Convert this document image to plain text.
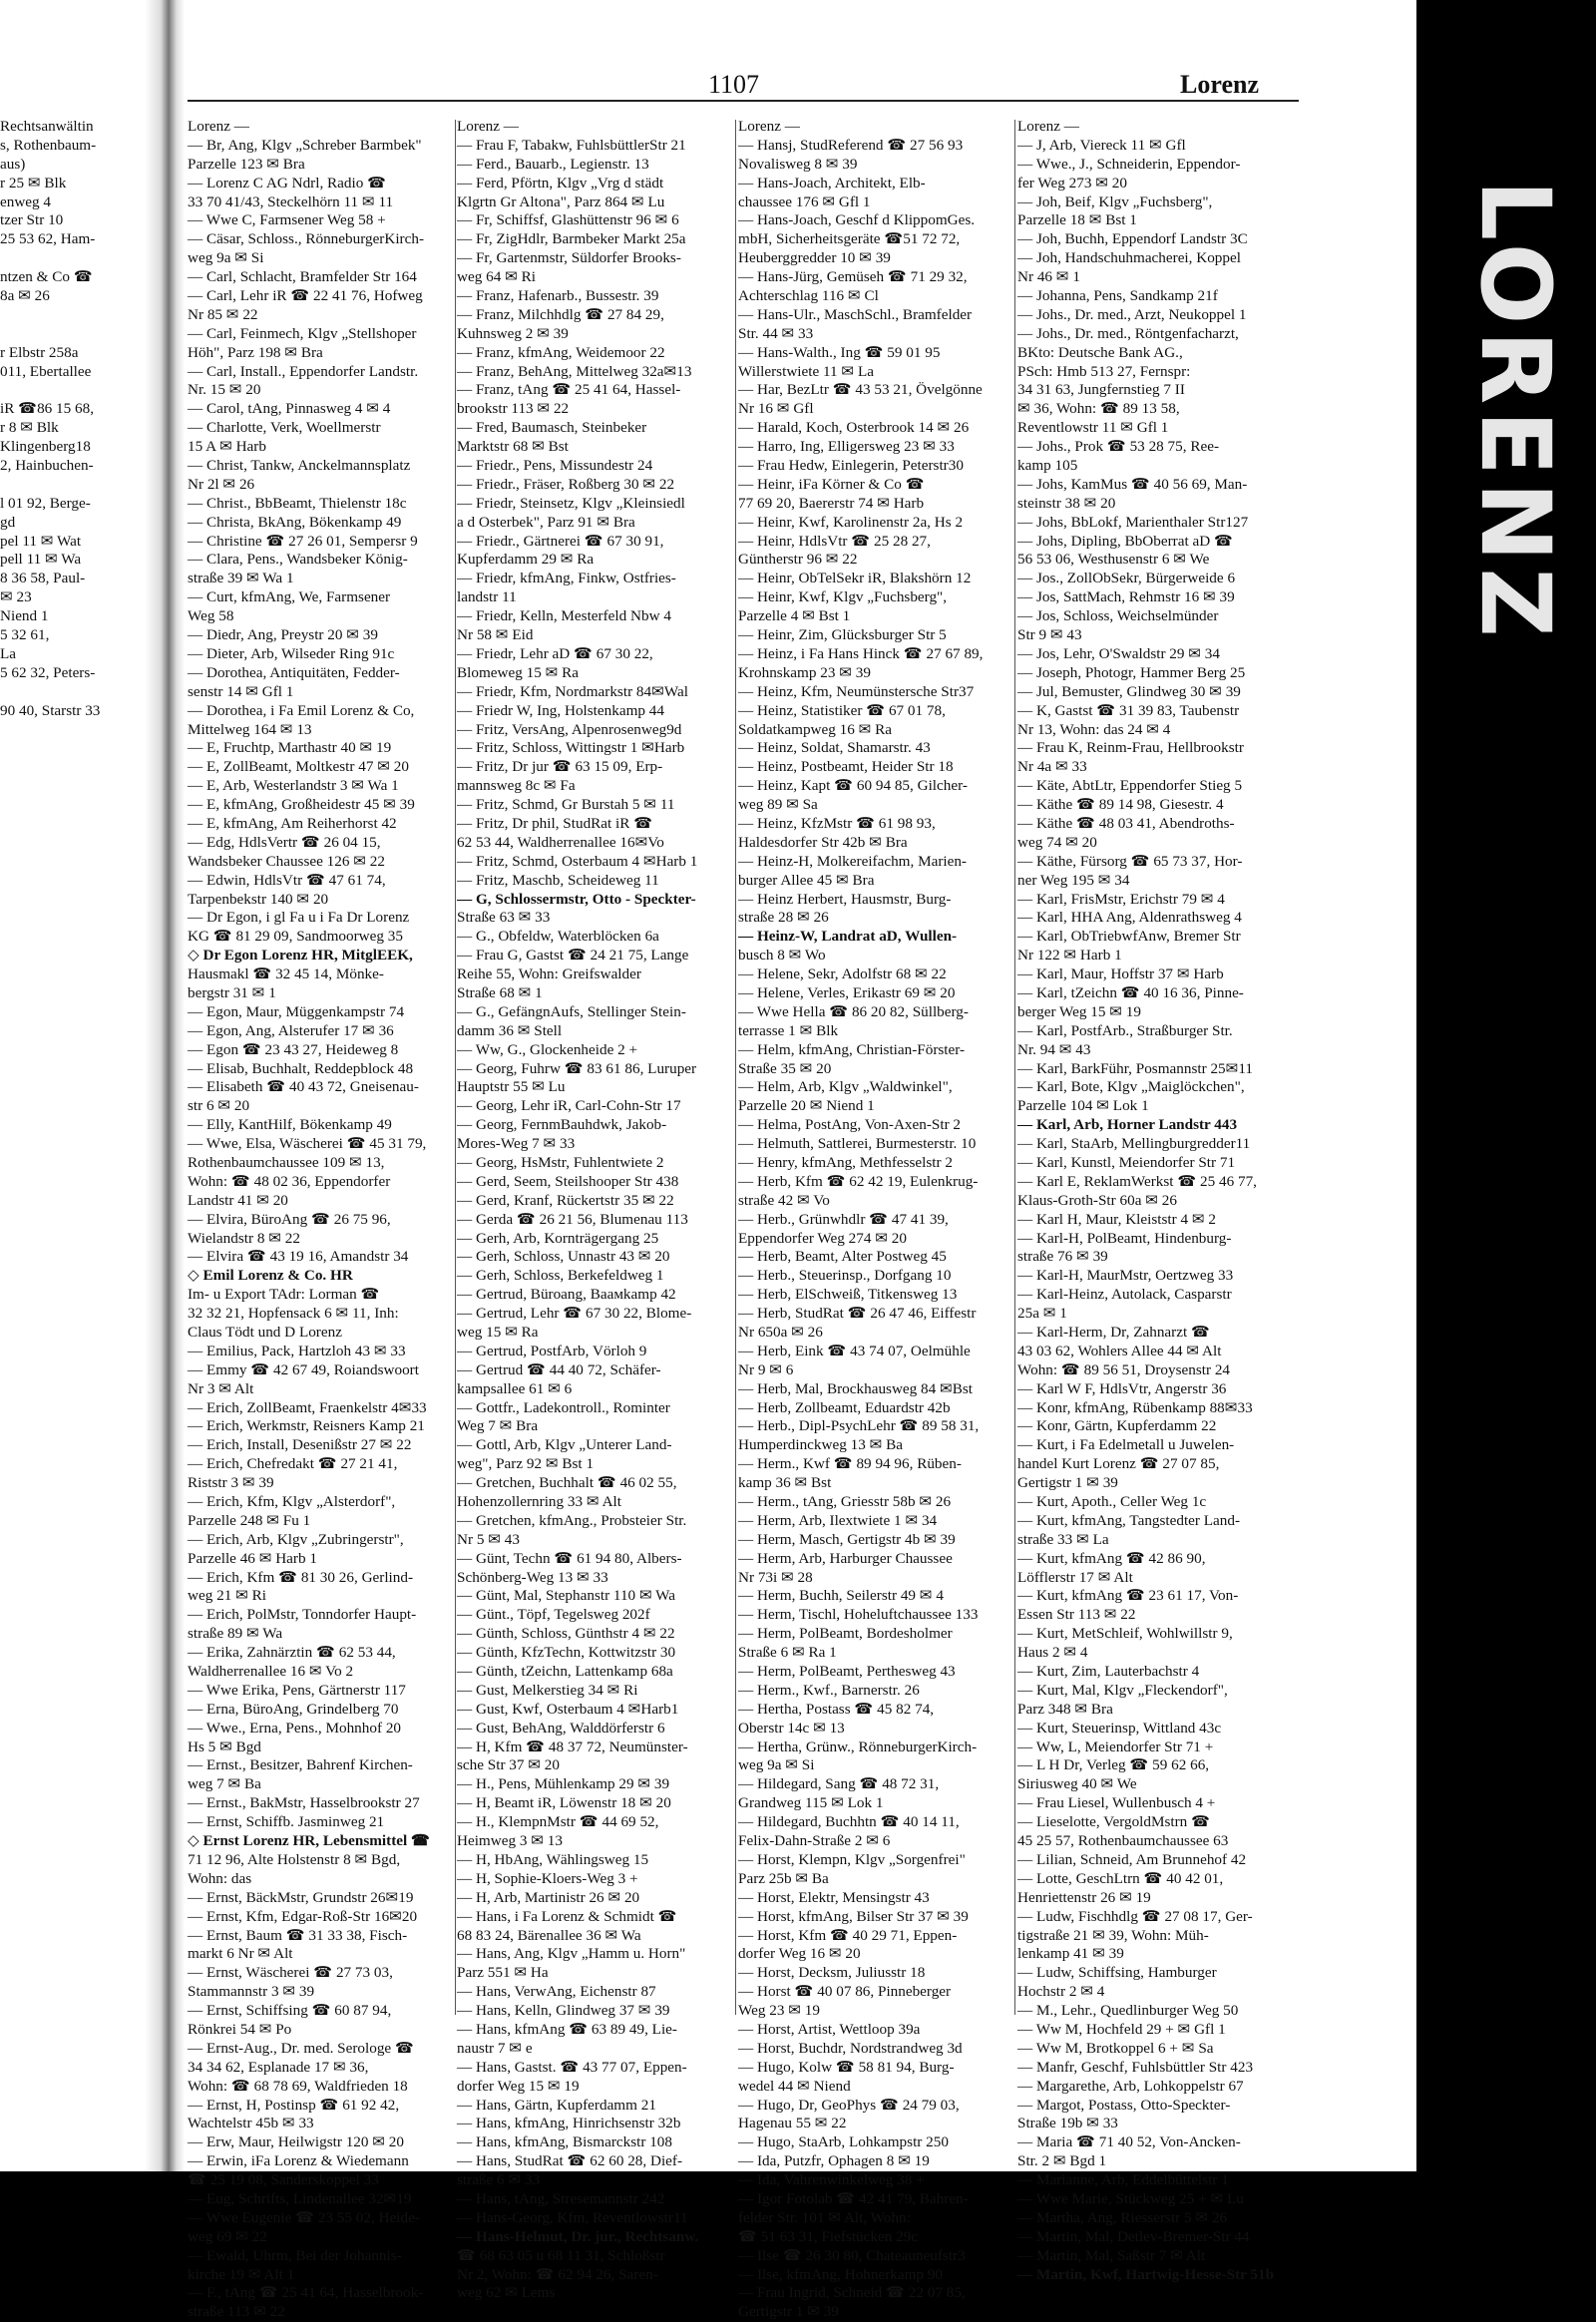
1107	Lorenz
Rechtsanwältin
s, Rothenbaum-
aus)
r 25 ✉ Blk
enweg 4
tzer Str 10
25 53 62, Ham-
ntzen & Co ☎
8a ✉ 26
r Elbstr 258a
011, Ebertallee
iR ☎86 15 68,
r 8 ✉ Blk
Klingenberg18
2, Hainbuchen-
l 01 92, Berge-
gd
pel 11 ✉ Wat
pell 11 ✉ Wa
8 36 58, Paul-
✉ 23
Niend 1
5 32 61,
La
5 62 32, Peters-
90 40, Starstr 33
Lorenz —
— Br, Ang, Klgv „Schreber Barmbek"
Parzelle 123 ✉ Bra
— Lorenz C AG Ndrl, Radio ☎
33 70 41/43, Steckelhörn 11 ✉ 11
— Wwe C, Farmsener Weg 58 +
— Cäsar, Schloss., RönneburgerKirch-
weg 9a ✉ Si
— Carl, Schlacht, Bramfelder Str 164
— Carl, Lehr iR ☎ 22 41 76, Hofweg
Nr 85 ✉ 22
— Carl, Feinmech, Klgv „Stellshoper
Höh", Parz 198 ✉ Bra
— Carl, Install., Eppendorfer Landstr.
Nr. 15 ✉ 20
— Carol, tAng, Pinnasweg 4 ✉ 4
— Charlotte, Verk, Woellmerstr
15 A ✉ Harb
— Christ, Tankw, Anckelmannsplatz
Nr 2l ✉ 26
— Christ., BbBeamt, Thielenstr 18c
— Christa, BkAng, Bökenkamp 49
— Christine ☎ 27 26 01, Sempersr 9
— Clara, Pens., Wandsbeker König-
straße 39 ✉ Wa 1
— Curt, kfmAng, We, Farmsener
Weg 58
— Diedr, Ang, Preystr 20 ✉ 39
— Dieter, Arb, Wilseder Ring 91c
— Dorothea, Antiquitäten, Fedder-
senstr 14 ✉ Gfl 1
— Dorothea, i Fa Emil Lorenz & Co,
Mittelweg 164 ✉ 13
— E, Fruchtp, Marthastr 40 ✉ 19
— E, ZollBeamt, Moltkestr 47 ✉ 20
— E, Arb, Westerlandstr 3 ✉ Wa 1
— E, kfmAng, Großheidestr 45 ✉ 39
— E, kfmAng, Am Reiherhorst 42
— Edg, HdlsVertr ☎ 26 04 15,
Wandsbeker Chaussee 126 ✉ 22
— Edwin, HdlsVtr ☎ 47 61 74,
Tarpenbekstr 140 ✉ 20
— Dr Egon, i gl Fa u i Fa Dr Lorenz
KG ☎ 81 29 09, Sandmoorweg 35
◇ Dr Egon Lorenz HR, MitglEEK,
Hausmakl ☎ 32 45 14, Mönke-
bergstr 31 ✉ 1
— Egon, Maur, Müggenkampstr 74
— Egon, Ang, Alsterufer 17 ✉ 36
— Egon ☎ 23 43 27, Heideweg 8
— Elisab, Buchhalt, Reddерblock 48
— Elisabeth ☎ 40 43 72, Gneisenau-
str 6 ✉ 20
— Elly, KantHilf, Bökenkamp 49
— Wwe, Elsa, Wäscherei ☎ 45 31 79,
Rothenbaumchaussee 109 ✉ 13,
Wohn: ☎ 48 02 36, Eppendorfer
Landstr 41 ✉ 20
— Elvira, BüroAng ☎ 26 75 96,
Wielandstr 8 ✉ 22
— Elvira ☎ 43 19 16, Amandstr 34
◇ Emil Lorenz & Co. HR
Im- u Export TAdr: Lorman ☎
32 32 21, Hopfensack 6 ✉ 11, Inh:
Claus Tödt und D Lorenz
— Emilius, Pack, Hartzloh 43 ✉ 33
— Emmy ☎ 42 67 49, Roiandswoort
Nr 3 ✉ Alt
— Erich, ZollBeamt, Fraenkelstr 4✉33
— Erich, Werkmstr, Reisners Kamp 21
— Erich, Install, Desenißstr 27 ✉ 22
— Erich, Chefredakt ☎ 27 21 41,
Riststr 3 ✉ 39
— Erich, Kfm, Klgv „Alsterdorf",
Parzelle 248 ✉ Fu 1
— Erich, Arb, Klgv „Zubringerstr",
Parzelle 46 ✉ Harb 1
— Erich, Kfm ☎ 81 30 26, Gerlind-
weg 21 ✉ Ri
— Erich, PolMstr, Tonndorfer Haupt-
straße 89 ✉ Wa
— Erika, Zahnärztin ☎ 62 53 44,
Waldherrenallee 16 ✉ Vo 2
— Wwe Erika, Pens, Gärtnerstr 117
— Erna, BüroAng, Grindelberg 70
— Wwe., Erna, Pens., Mohnhof 20
Hs 5 ✉ Bgd
— Ernst., Besitzer, Bahrenf Kirchen-
weg 7 ✉ Ba
— Ernst., BakMstr, Hasselbrookstr 27
— Ernst, Schiffb. Jasminweg 21
◇ Ernst Lorenz HR, Lebensmittel ☎
71 12 96, Alte Holstenstr 8 ✉ Bgd,
Wohn: das
— Ernst, BäckMstr, Grundstr 26✉19
— Ernst, Kfm, Edgar-Roß-Str 16✉20
— Ernst, Baum ☎ 31 33 38, Fisch-
markt 6 Nr ✉ Alt
— Ernst, Wäscherei ☎ 27 73 03,
Stammannstr 3 ✉ 39
— Ernst, Schiffsing ☎ 60 87 94,
Rönkrei 54 ✉ Po
— Ernst-Aug., Dr. med. Serologe ☎
34 34 62, Esplanade 17 ✉ 36,
Wohn: ☎ 68 78 69, Waldfrieden 18
— Ernst, H, Postinsp ☎ 61 92 42,
Wachtelstr 45b ✉ 33
— Erw, Maur, Heilwigstr 120 ✉ 20
— Erwin, iFa Lorenz & Wiedemann
☎ 25 19 08, Sanderskoppel 33
— Eug, Schrifts, Lindenallee 32✉19
— Wwe Eugenie ☎ 23 55 02, Heide-
weg 69 ✉ 22
— Ewald, Uhrm, Bei der Johannis-
kirche 19 ✉ Alt 1
— F., tAng ☎ 25 41 64, Hasselbrook-
straße 113 ✉ 22
Lorenz —
— Frau F, Tabakw, FuhlsbüttlerStr 21
— Ferd., Bauarb., Legienstr. 13
— Ferd, Pförtn, Klgv „Vrg d städt
Klgrtn Gr Altona", Parz 864 ✉ Lu
— Fr, Schiffsf, Glashüttenstr 96 ✉ 6
— Fr, ZigHdlr, Barmbeker Markt 25a
— Fr, Gartenmstr, Süldorfer Brooks-
weg 64 ✉ Ri
— Franz, Hafenarb., Bussestr. 39
— Franz, Milchhdlg ☎ 27 84 29,
Kuhnsweg 2 ✉ 39
— Franz, kfmAng, Weidemoor 22
— Franz, BehAng, Mittelweg 32a✉13
— Franz, tAng ☎ 25 41 64, Hassel-
brookstr 113 ✉ 22
— Fred, Baumasch, Steinbeker
Marktstr 68 ✉ Bst
— Friedr., Pens, Missundestr 24
— Friedr., Fräser, Roßberg 30 ✉ 22
— Friedr, Steinsetz, Klgv „Kleinsiedl
a d Osterbek", Parz 91 ✉ Bra
— Friedr., Gärtnerei ☎ 67 30 91,
Kupferdamm 29 ✉ Ra
— Friedr, kfmAng, Finkw, Ostfries-
landstr 11
— Friedr, Kelln, Mesterfeld Nbw 4
Nr 58 ✉ Eid
— Friedr, Lehr aD ☎ 67 30 22,
Blomeweg 15 ✉ Ra
— Friedr, Kfm, Nordmarkstr 84✉Wal
— Friedr W, Ing, Holstenkamp 44
— Fritz, VersAng, Alpenrosenweg9d
— Fritz, Schloss, Wittingstr 1 ✉Harb
— Fritz, Dr jur ☎ 63 15 09, Erp-
mannsweg 8c ✉ Fa
— Fritz, Schmd, Gr Burstah 5 ✉ 11
— Fritz, Dr phil, StudRat iR ☎
62 53 44, Waldherrenallee 16✉Vo
— Fritz, Schmd, Osterbaum 4 ✉Harb 1
— Fritz, Maschb, Scheideweg 11
— G, Schlossermstr, Otto - Speckter-
Straße 63 ✉ 33
— G., Obfeldw, Waterblöcken 6a
— Frau G, Gastst ☎ 24 21 75, Lange
Reihe 55, Wohn: Greifswalder
Straße 68 ✉ 1
— G., GefängnAufs, Stellinger Stein-
damm 36 ✉ Stell
— Ww, G., Glockenheide 2 +
— Georg, Fuhrw ☎ 83 61 86, Luruper
Hauptstr 55 ✉ Lu
— Georg, Lehr iR, Carl-Cohn-Str 17
— Georg, FernmBauhdwk, Jakob-
Mores-Weg 7 ✉ 33
— Georg, HsMstr, Fuhlentwiete 2
— Gerd, Seem, Steilshooper Str 438
— Gerd, Kranf, Rückertstr 35 ✉ 22
— Gerda ☎ 26 21 56, Blumenau 113
— Gerh, Arb, Kornträgergang 25
— Gerh, Schloss, Unnastr 43 ✉ 20
— Gerh, Schloss, Berkefeldweg 1
— Gertrud, Büroang, Baaмkamp 42
— Gertrud, Lehr ☎ 67 30 22, Blome-
weg 15 ✉ Ra
— Gertrud, PostfArb, Vörloh 9
— Gertrud ☎ 44 40 72, Schäfer-
kampsallee 61 ✉ 6
— Gottfr., Ladekontroll., Rominter
Weg 7 ✉ Bra
— Gottl, Arb, Klgv „Unterer Land-
weg", Parz 92 ✉ Bst 1
— Gretchen, Buchhalt ☎ 46 02 55,
Hohenzollernring 33 ✉ Alt
— Gretchen, kfmAng., Probsteier Str.
Nr 5 ✉ 43
— Günt, Techn ☎ 61 94 80, Albers-
Schönberg-Weg 13 ✉ 33
— Günt, Mal, Stephanstr 110 ✉ Wa
— Günt., Töpf, Tegelsweg 202f
— Günth, Schloss, Günthstr 4 ✉ 22
— Günth, KfzTechn, Kottwitzstr 30
— Günth, tZeichn, Lattenkamp 68a
— Gust, Melkerstieg 34 ✉ Ri
— Gust, Kwf, Osterbaum 4 ✉Harb1
— Gust, BehAng, Walddörferstr 6
— H, Kfm ☎ 48 37 72, Neumünster-
sche Str 37 ✉ 20
— H., Pens, Mühlenkamp 29 ✉ 39
— H, Beamt iR, Löwenstr 18 ✉ 20
— H., KlempnMstr ☎ 44 69 52,
Heimweg 3 ✉ 13
— H, HbAng, Wählingsweg 15
— H, Sophie-Kloers-Weg 3 +
— H, Arb, Martinistr 26 ✉ 20
— Hans, i Fa Lorenz & Schmidt ☎
68 83 24, Bärenallee 36 ✉ Wa
— Hans, Ang, Klgv „Hamm u. Horn"
Parz 551 ✉ Ha
— Hans, VerwAng, Eichenstr 87
— Hans, Kelln, Glindweg 37 ✉ 39
— Hans, kfmAng ☎ 63 89 49, Lie-
naustr 7 ✉ e
— Hans, Gastst. ☎ 43 77 07, Eppen-
dorfer Weg 15 ✉ 19
— Hans, Gärtn, Kupferdamm 21
— Hans, kfmAng, Hinrichsenstr 32b
— Hans, kfmAng, Bismarckstr 108
— Hans, StudRat ☎ 62 60 28, Dief-
straße 6 ✉ 33
— Hans, tAng, Stresemannstr 242
— Hans-Georg, Kfm, Reventlowstr11
— Hans-Helmut, Dr. jur., Rechtsanw.
☎ 68 63 05 u 68 11 31, Schloßstr
Nr 2, Wohn: ☎ 62 94 26, Saren-
weg 62 ✉ Lems
Lorenz —
— Hansj, StudReferend ☎ 27 56 93
Novalisweg 8 ✉ 39
— Hans-Joach, Architekt, Elb-
chaussee 176 ✉ Gfl 1
— Hans-Joach, Geschf d KlippomGes.
mbH, Sicherheitsgeräte ☎51 72 72,
Heuberggredder 10 ✉ 39
— Hans-Jürg, Gemüseh ☎ 71 29 32,
Achterschlag 116 ✉ Cl
— Hans-Ulr., MaschSchl., Bramfelder
Str. 44 ✉ 33
— Hans-Walth., Ing ☎ 59 01 95
Willerstwiete 11 ✉ La
— Har, BezLtr ☎ 43 53 21, Övelgönne
Nr 16 ✉ Gfl
— Harald, Koch, Osterbrook 14 ✉ 26
— Harro, Ing, Elligersweg 23 ✉ 33
— Frau Hedw, Einlegerin, Peterstr30
— Heinr, iFa Körner & Co ☎
77 69 20, Baererstr 74 ✉ Harb
— Heinr, Kwf, Karolinenstr 2a, Hs 2
— Heinr, HdlsVtr ☎ 25 28 27,
Güntherstr 96 ✉ 22
— Heinr, ObTelSekr iR, Blakshörn 12
— Heinr, Kwf, Klgv „Fuchsberg",
Parzelle 4 ✉ Bst 1
— Heinr, Zim, Glücksburger Str 5
— Heinz, i Fa Hans Hinck ☎ 27 67 89,
Krohnskamp 23 ✉ 39
— Heinz, Kfm, Neumünstersche Str37
— Heinz, Statistiker ☎ 67 01 78,
Soldatkampweg 16 ✉ Ra
— Heinz, Soldat, Shamarstr. 43
— Heinz, Postbeamt, Heider Str 18
— Heinz, Kapt ☎ 60 94 85, Gilcher-
weg 89 ✉ Sa
— Heinz, KfzMstr ☎ 61 98 93,
Haldesdorfer Str 42b ✉ Bra
— Heinz-H, Molkereifachm, Marien-
burger Allee 45 ✉ Bra
— Heinz Herbert, Hausmstr, Burg-
straße 28 ✉ 26
— Heinz-W, Landrat aD, Wullen-
busch 8 ✉ Wo
— Helene, Sekr, Adolfstr 68 ✉ 22
— Helene, Verles, Erikastr 69 ✉ 20
— Wwe Hella ☎ 86 20 82, Süllberg-
terrasse 1 ✉ Blk
— Helm, kfmAng, Christian-Förster-
Straße 35 ✉ 20
— Helm, Arb, Klgv „Waldwinkel",
Parzelle 20 ✉ Niend 1
— Helma, PostAng, Von-Axen-Str 2
— Helmuth, Sattlerei, Burmesterstr. 10
— Henry, kfmAng, Methfesselstr 2
— Herb, Kfm ☎ 62 42 19, Eulenkrug-
straße 42 ✉ Vo
— Herb., Grünwhdlr ☎ 47 41 39,
Eppendorfer Weg 274 ✉ 20
— Herb, Beamt, Alter Postweg 45
— Herb., Steuerinsp., Dorfgang 10
— Herb, ElSchweiß, Titkensweg 13
— Herb, StudRat ☎ 26 47 46, Eiffestr
Nr 650a ✉ 26
— Herb, Eink ☎ 43 74 07, Oelmühle
Nr 9 ✉ 6
— Herb, Mal, Brockhausweg 84 ✉Bst
— Herb, Zollbeamt, Eduardstr 42b
— Herb., Dipl-PsychLehr ☎ 89 58 31,
Humperdinckweg 13 ✉ Ba
— Herm., Kwf ☎ 89 94 96, Rüben-
kamp 36 ✉ Bst
— Herm., tAng, Griesstr 58b ✉ 26
— Herm, Arb, Ilextwiete 1 ✉ 34
— Herm, Masch, Gertigstr 4b ✉ 39
— Herm, Arb, Harburger Chaussee
Nr 73i ✉ 28
— Herm, Buchh, Seilerstr 49 ✉ 4
— Herm, Tischl, Hoheluftchaussee 133
— Herm, PolBeamt, Bordesholmer
Straße 6 ✉ Ra 1
— Herm, PolBeamt, Perthesweg 43
— Herm., Kwf., Barnerstr. 26
— Hertha, Postass ☎ 45 82 74,
Oberstr 14c ✉ 13
— Hertha, Grünw., RönneburgerKirch-
weg 9a ✉ Si
— Hildegard, Sang ☎ 48 72 31,
Grandweg 115 ✉ Lok 1
— Hildegard, Buchhtn ☎ 40 14 11,
Felix-Dahn-Straße 2 ✉ 6
— Horst, Klempn, Klgv „Sorgenfrei"
Parz 25b ✉ Ba
— Horst, Elektr, Mensingstr 43
— Horst, kfmAng, Bilser Str 37 ✉ 39
— Horst, Kfm ☎ 40 29 71, Eppen-
dorfer Weg 16 ✉ 20
— Horst, Decksm, Juliusstr 18
— Horst ☎ 40 07 86, Pinneberger
Weg 23 ✉ 19
— Horst, Artist, Wettloop 39a
— Horst, Buchdr, Nordstrandweg 3d
— Hugo, Kolw ☎ 58 81 94, Burg-
wedel 44 ✉ Niend
— Hugo, Dr, GeoPhys ☎ 24 79 03,
Hagenau 55 ✉ 22
— Hugo, StaArb, Lohkampstr 250
— Ida, Putzfr, Ophagen 8 ✉ 19
— Ida, Vahrenwinkelweg 38 +
— Igor Fotolab ☎ 42 41 79, Bahren-
felder Str. 101 ✉ Alt, Wohn:
☎ 51 63 31, Fiefstücken 29c
— Ilse ☎ 26 30 80, Chateauneufstr3
— Ilse, kfmAng, Hohnerkamp 90
— Frau Ingrid, Schneid ☎ 22 07 85,
Gertigstr 1 ✉ 39
Lorenz —
— J, Arb, Viereck 11 ✉ Gfl
— Wwe., J., Schneiderin, Eppendor-
fer Weg 273 ✉ 20
— Joh, Beif, Klgv „Fuchsberg",
Parzelle 18 ✉ Bst 1
— Joh, Buchh, Eppendorf Landstr 3C
— Joh, Handschuhmacherei, Koppel
Nr 46 ✉ 1
— Johanna, Pens, Sandkamp 21f
— Johs., Dr. med., Arzt, Neukoppel 1
— Johs., Dr. med., Röntgenfacharzt,
BKto: Deutsche Bank AG.,
PSch: Hmb 513 27, Fernspr:
34 31 63, Jungfernstieg 7 II
✉ 36, Wohn: ☎ 89 13 58,
Reventlowstr 11 ✉ Gfl 1
— Johs., Prok ☎ 53 28 75, Ree-
kamp 105
— Johs, KamMus ☎ 40 56 69, Man-
steinstr 38 ✉ 20
— Johs, BbLokf, Marienthaler Str127
— Johs, Dipling, BbObеrrat aD ☎
56 53 06, Westhusenstr 6 ✉ We
— Jos., ZollObSekr, Bürgerweide 6
— Jos, SattMach, Rehmstr 16 ✉ 39
— Jos, Schloss, Weichselmünder
Str 9 ✉ 43
— Jos, Lehr, O'Swaldstr 29 ✉ 34
— Joseph, Photogr, Hammer Berg 25
— Jul, Bemuster, Glindweg 30 ✉ 39
— K, Gastst ☎ 31 39 83, Taubenstr
Nr 13, Wohn: das 24 ✉ 4
— Frau K, Reinm-Frau, Hellbrookstr
Nr 4a ✉ 33
— Käte, AbtLtr, Eppendorfer Stieg 5
— Käthe ☎ 89 14 98, Giesestr. 4
— Käthe ☎ 48 03 41, Abendroths-
weg 74 ✉ 20
— Käthe, Fürsorg ☎ 65 73 37, Hor-
ner Weg 195 ✉ 34
— Karl, FrisMstr, Erichstr 79 ✉ 4
— Karl, HHA Ang, Aldenrathsweg 4
— Karl, ObTriebwfAnw, Bremer Str
Nr 122 ✉ Harb 1
— Karl, Maur, Hoffstr 37 ✉ Harb
— Karl, tZeichn ☎ 40 16 36, Pinne-
berger Weg 15 ✉ 19
— Karl, PostfArb., Straßburger Str.
Nr. 94 ✉ 43
— Karl, BarkFühr, Posmannstr 25✉11
— Karl, Bote, Klgv „Maiglöckchen",
Parzelle 104 ✉ Lok 1
— Karl, Arb, Horner Landstr 443
— Karl, StaArb, Mellingburgredder11
— Karl, Kunstl, Meiendorfer Str 71
— Karl E, ReklamWerkst ☎ 25 46 77,
Klaus-Groth-Str 60a ✉ 26
— Karl H, Maur, Kleiststr 4 ✉ 2
— Karl-H, PolBeamt, Hindenburg-
straße 76 ✉ 39
— Karl-H, MaurMstr, Oertzweg 33
— Karl-Heinz, Autolack, Casparstr
25a ✉ 1
— Karl-Herm, Dr, Zahnarzt ☎
43 03 62, Wohlers Allee 44 ✉ Alt
Wohn: ☎ 89 56 51, Droysenstr 24
— Karl W F, HdlsVtr, Angerstr 36
— Konr, kfmAng, Rübenkamp 88✉33
— Konr, Gärtn, Kupferdamm 22
— Kurt, i Fa Edelmetall u Juwelen-
handel Kurt Lorenz ☎ 27 07 85,
Gertigstr 1 ✉ 39
— Kurt, Apoth., Celler Weg 1c
— Kurt, kfmAng, Tangstedter Land-
straße 33 ✉ La
— Kurt, kfmAng ☎ 42 86 90,
Löfflerstr 17 ✉ Alt
— Kurt, kfmAng ☎ 23 61 17, Von-
Essen Str 113 ✉ 22
— Kurt, MetSchleif, Wohlwillstr 9,
Haus 2 ✉ 4
— Kurt, Zim, Lauterbachstr 4
— Kurt, Mal, Klgv „Fleckendorf",
Parz 348 ✉ Bra
— Kurt, Steuerinsp, Wittland 43c
— Ww, L, Meiendorfer Str 71 +
— L H Dr, Verleg ☎ 59 62 66,
Siriusweg 40 ✉ We
— Frau Liesel, Wullenbusch 4 +
— Lieselotte, VergoldMstrn ☎
45 25 57, Rothenbaumchaussee 63
— Lilian, Schneid, Am Brunnehof 42
— Lotte, GeschLtrn ☎ 40 42 01,
Henriettenstr 26 ✉ 19
— Ludw, Fischhdlg ☎ 27 08 17, Ger-
tigstraße 21 ✉ 39, Wohn: Müh-
lenkamp 41 ✉ 39
— Ludw, Schiffsing, Hamburger
Hochstr 2 ✉ 4
— M., Lehr., Quedlinburger Weg 50
— Ww M, Hochfeld 29 + ✉ Gfl 1
— Ww M, Brotkoppel 6 + ✉ Sa
— Manfr, Geschf, Fuhlsbüttler Str 423
— Margarethe, Arb, Lohkoppelstr 67
— Margot, Postass, Otto-Speckter-
Straße 19b ✉ 33
— Maria ☎ 71 40 52, Von-Ancken-
Str. 2 ✉ Bgd 1
— Marianne, Arb, Eddelbüttelstr 1
— Wwe Marie, Stückweg 25 + ✉ Lu
— Martha, Ang, Riesserstr 5 ✉ 26
— Martin, Mal, Detlev-Bremer-Str 44
— Martin, Mal, Saßstr 7 ✉ Alt
— Martin, Kwf, Hartwig-Hesse-Str 51b
LORENZ
